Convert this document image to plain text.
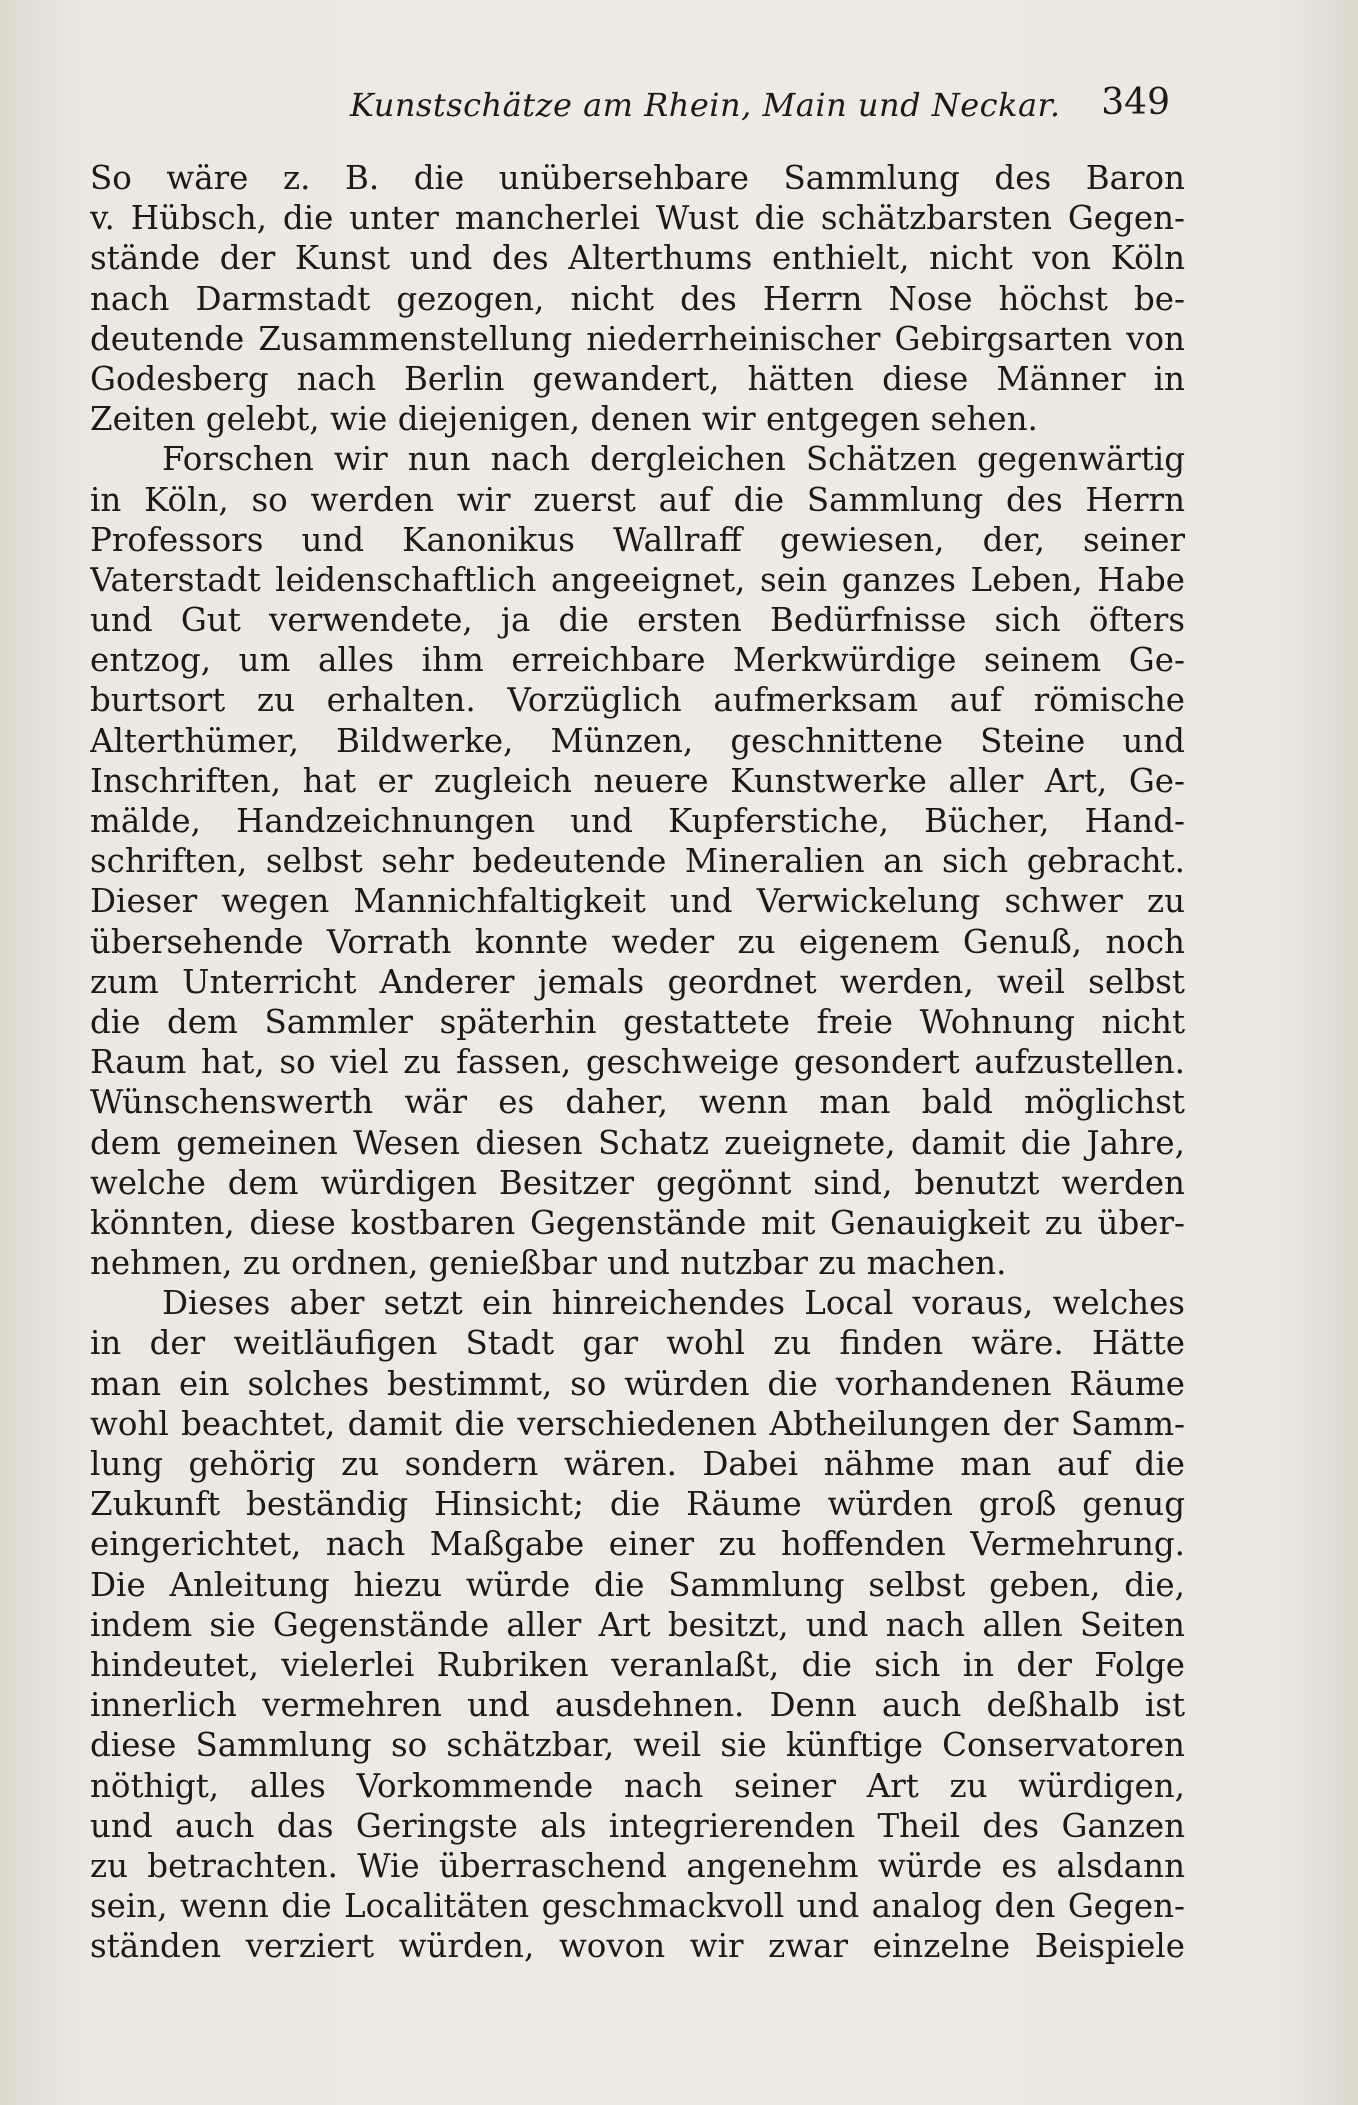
Kunstschätze am Rhein, Main und Neckar. 349
So wäre z. B. die unübersehbare Sammlung des Baron
v. Hübsch, die unter mancherlei Wust die schätzbarsten Gegen-
stände der Kunst und des Alterthums enthielt, nicht von Köln
nach Darmstadt gezogen, nicht des Herrn Nose höchst be-
deutende Zusammenstellung niederrheinischer Gebirgsarten von
Godesberg nach Berlin gewandert, hätten diese Männer in
Zeiten gelebt, wie diejenigen, denen wir entgegen sehen.
Forschen wir nun nach dergleichen Schätzen gegenwärtig
in Köln, so werden wir zuerst auf die Sammlung des Herrn
Professors und Kanonikus Wallraff gewiesen, der, seiner
Vaterstadt leidenschaftlich angeeignet, sein ganzes Leben, Habe
und Gut verwendete, ja die ersten Bedürfnisse sich öfters
entzog, um alles ihm erreichbare Merkwürdige seinem Ge-
burtsort zu erhalten. Vorzüglich aufmerksam auf römische
Alterthümer, Bildwerke, Münzen, geschnittene Steine und
Inschriften, hat er zugleich neuere Kunstwerke aller Art, Ge-
mälde, Handzeichnungen und Kupferstiche, Bücher, Hand-
schriften, selbst sehr bedeutende Mineralien an sich gebracht.
Dieser wegen Mannichfaltigkeit und Verwickelung schwer zu
übersehende Vorrath konnte weder zu eigenem Genuß, noch
zum Unterricht Anderer jemals geordnet werden, weil selbst
die dem Sammler späterhin gestattete freie Wohnung nicht
Raum hat, so viel zu fassen, geschweige gesondert aufzustellen.
Wünschenswerth wär es daher, wenn man bald möglichst
dem gemeinen Wesen diesen Schatz zueignete, damit die Jahre,
welche dem würdigen Besitzer gegönnt sind, benutzt werden
könnten, diese kostbaren Gegenstände mit Genauigkeit zu über-
nehmen, zu ordnen, genießbar und nutzbar zu machen.
Dieses aber setzt ein hinreichendes Local voraus, welches
in der weitläufigen Stadt gar wohl zu finden wäre. Hätte
man ein solches bestimmt, so würden die vorhandenen Räume
wohl beachtet, damit die verschiedenen Abtheilungen der Samm-
lung gehörig zu sondern wären. Dabei nähme man auf die
Zukunft beständig Hinsicht; die Räume würden groß genug
eingerichtet, nach Maßgabe einer zu hoffenden Vermehrung.
Die Anleitung hiezu würde die Sammlung selbst geben, die,
indem sie Gegenstände aller Art besitzt, und nach allen Seiten
hindeutet, vielerlei Rubriken veranlaßt, die sich in der Folge
innerlich vermehren und ausdehnen. Denn auch deßhalb ist
diese Sammlung so schätzbar, weil sie künftige Conservatoren
nöthigt, alles Vorkommende nach seiner Art zu würdigen,
und auch das Geringste als integrierenden Theil des Ganzen
zu betrachten. Wie überraschend angenehm würde es alsdann
sein, wenn die Localitäten geschmackvoll und analog den Gegen-
ständen verziert würden, wovon wir zwar einzelne Beispiele
